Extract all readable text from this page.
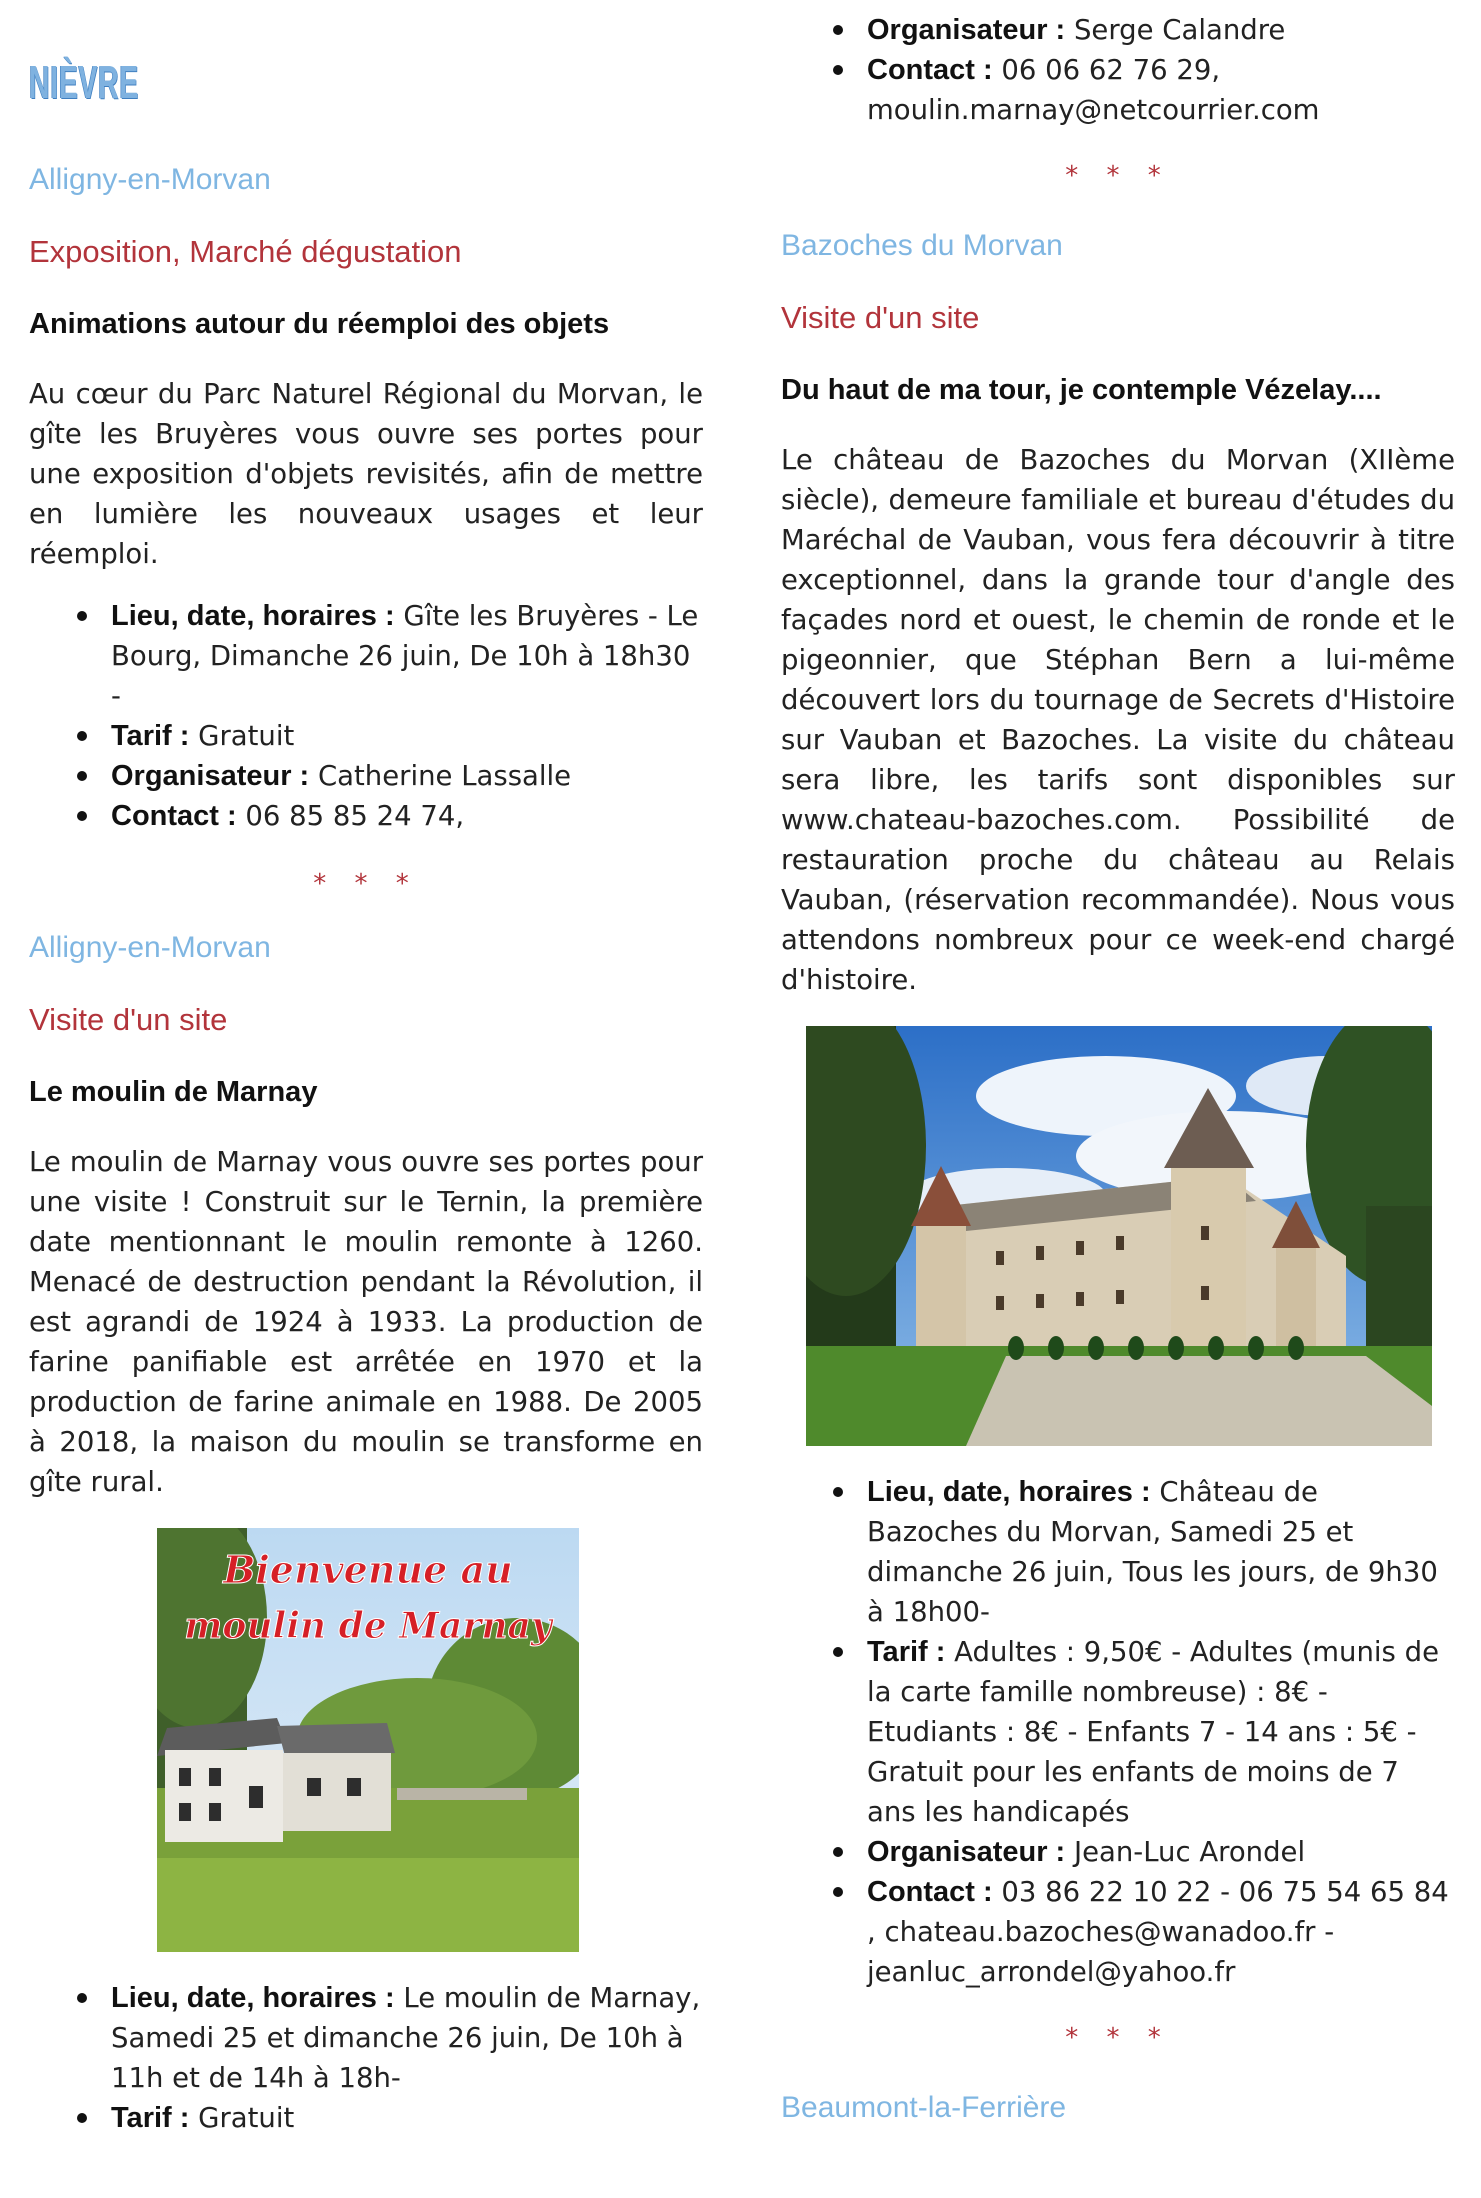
NIÈVRE
Alligny-en-Morvan
Exposition, Marché dégustation
Animations autour du réemploi des objets

Au cœur du Parc Naturel Régional du Morvan, le gîte les Bruyères vous ouvre ses portes pour une exposition d'objets revisités, afin de mettre en lumière les nouveaux usages et leur réemploi.

Lieu, date, horaires : Gîte les Bruyères - Le Bourg, Dimanche 26 juin, De 10h à 18h30 -
Tarif : Gratuit
Organisateur : Catherine Lassalle
Contact : 06 85 85 24 74,
* * *
Alligny-en-Morvan
Visite d'un site
Le moulin de Marnay

Le moulin de Marnay vous ouvre ses portes pour une visite ! Construit sur le Ternin, la première date mentionnant le moulin remonte à 1260. Menacé de destruction pendant la Révolution, il est agrandi de 1924 à 1933. La production de farine panifiable est arrêtée en 1970 et la production de farine animale en 1988. De 2005 à 2018, la maison du moulin se transforme en gîte rural.

Bienvenue au
moulin de Marnay
Lieu, date, horaires : Le moulin de Marnay, Samedi 25 et dimanche 26 juin, De 10h à 11h et de 14h à 18h-
Tarif : Gratuit
Organisateur : Serge Calandre
Contact : 06 06 62 76 29, moulin.marnay@netcourrier.com
* * *
Bazoches du Morvan
Visite d'un site
Du haut de ma tour, je contemple Vézelay....

Le château de Bazoches du Morvan (XIIème siècle), demeure familiale et bureau d'études du Maréchal de Vauban, vous fera découvrir à titre exceptionnel, dans la grande tour d'angle des façades nord et ouest, le chemin de ronde et le pigeonnier, que Stéphan Bern a lui-même découvert lors du tournage de Secrets d'Histoire sur Vauban et Bazoches. La visite du château sera libre, les tarifs sont disponibles sur www.chateau-bazoches.com. Possibilité de restauration proche du château au Relais Vauban, (réservation recommandée). Nous vous attendons nombreux pour ce week-end chargé d'histoire.

Lieu, date, horaires : Château de Bazoches du Morvan, Samedi 25 et dimanche 26 juin, Tous les jours, de 9h30 à 18h00-
Tarif : Adultes : 9,50€ - Adultes (munis de la carte famille nombreuse) : 8€ - Etudiants : 8€ - Enfants 7 - 14 ans : 5€ - Gratuit pour les enfants de moins de 7 ans les handicapés
Organisateur : Jean-Luc Arondel
Contact : 03 86 22 10 22 - 06 75 54 65 84 , chateau.bazoches@wanadoo.fr - jeanluc_arrondel@yahoo.fr
* * *
Beaumont-la-Ferrière
